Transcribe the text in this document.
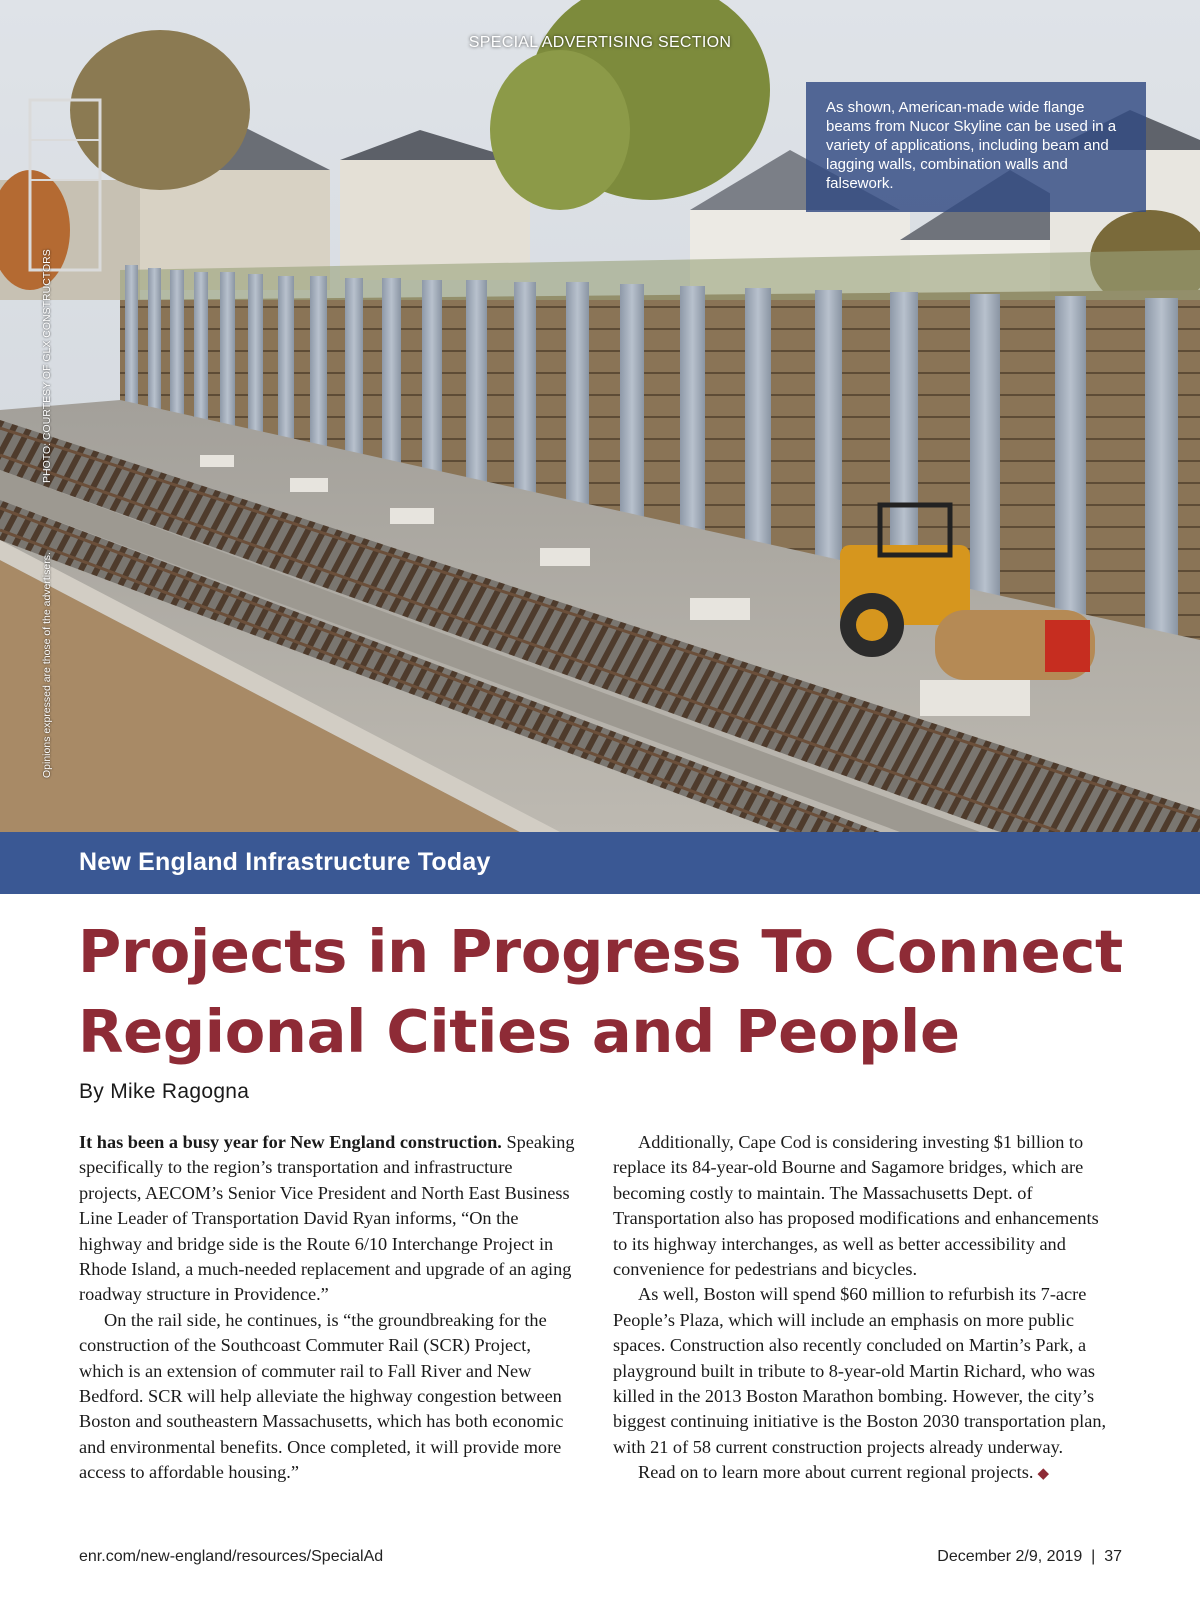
SPECIAL ADVERTISING SECTION
As shown, American-made wide flange beams from Nucor Skyline can be used in a variety of applications, including beam and lagging walls, combination walls and falsework.
PHOTO: COURTESY OF GLX CONSTRUCTORS
Opinions expressed are those of the advertisers.
New England Infrastructure Today
Projects in Progress To Connect Regional Cities and People
By Mike Ragogna

It has been a busy year for New England construction. Speaking specifically to the region’s transportation and infrastructure projects, AECOM’s Senior Vice President and North East Business Line Leader of Transportation David Ryan informs, “On the highway and bridge side is the Route 6/10 Interchange Project in Rhode Island, a much-needed replacement and upgrade of an aging roadway structure in Providence.”

On the rail side, he continues, is “the groundbreaking for the construction of the Southcoast Commuter Rail (SCR) Project, which is an extension of commuter rail to Fall River and New Bedford. SCR will help alleviate the highway congestion between Boston and southeastern Massachusetts, which has both economic and environmental benefits. Once completed, it will provide more access to affordable housing.”

Additionally, Cape Cod is considering investing $1 billion to replace its 84-year-old Bourne and Sagamore bridges, which are becoming costly to maintain. The Massachusetts Dept. of Transportation also has proposed modifications and enhancements to its highway interchanges, as well as better accessibility and convenience for pedestrians and bicycles.

As well, Boston will spend $60 million to refurbish its 7-acre People’s Plaza, which will include an emphasis on more public spaces. Construction also recently concluded on Martin’s Park, a playground built in tribute to 8-year-old Martin Richard, who was killed in the 2013 Boston Marathon bombing. However, the city’s biggest continuing initiative is the Boston 2030 transportation plan, with 21 of 58 current construction projects already underway.

Read on to learn more about current regional projects. ◆

enr.com/new-england/resources/SpecialAd	December 2/9, 2019  |  37
